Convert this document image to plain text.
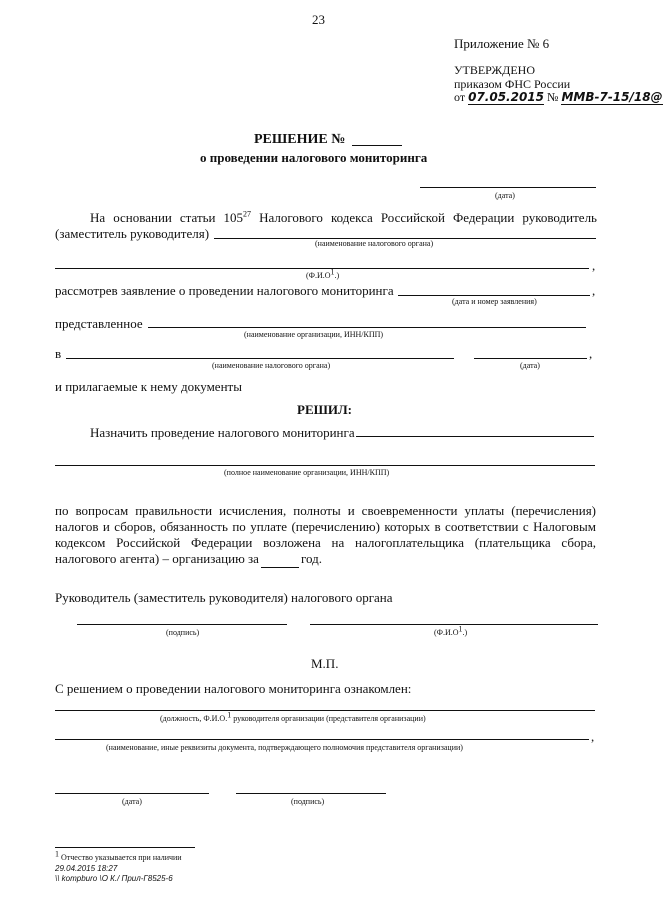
23
Приложение № 6
УТВЕРЖДЕНО
приказом ФНС России
от 07.05.2015 № ММВ-7-15/18@
РЕШЕНИЕ №
о проведении налогового мониторинга
(дата)
На основании статьи $105^{27}$ Налогового кодекса Российской Федерации руководитель
(заместитель руководителя)
(наименование налогового органа)
,
$(Ф.И.О^1.)$
рассмотрев заявление о проведении налогового мониторинга	,
(дата и номер заявления)
представленное
(наименование организации, ИНН/КПП)
в	,
(наименование налогового органа)	(дата)
и прилагаемые к нему документы
РЕШИЛ:
Назначить проведение налогового мониторинга
(полное наименование организации, ИНН/КПП)
по вопросам правильности исчисления, полноты и своевременности уплаты (перечисления)
налогов и сборов, обязанность по уплате (перечислению) которых в соответствии с Налоговым
кодексом Российской Федерации возложена на налогоплательщика (плательщика сбора,
налогового агента) – организацию за	год.
Руководитель (заместитель руководителя) налогового органа
(подпись)	$(Ф.И.О^1.)$
М.П.
С решением о проведении налогового мониторинга ознакомлен:
(должность, Ф.И.О.$^1$ руководителя организации (представителя организации)
,
(наименование, иные реквизиты документа, подтверждающего полномочия представителя организации)
(дата)	(подпись)
$^1$ Отчество указывается при наличии
29.04.2015 18:27
\\ kompburo \О К./ Прил-Г8525-6
